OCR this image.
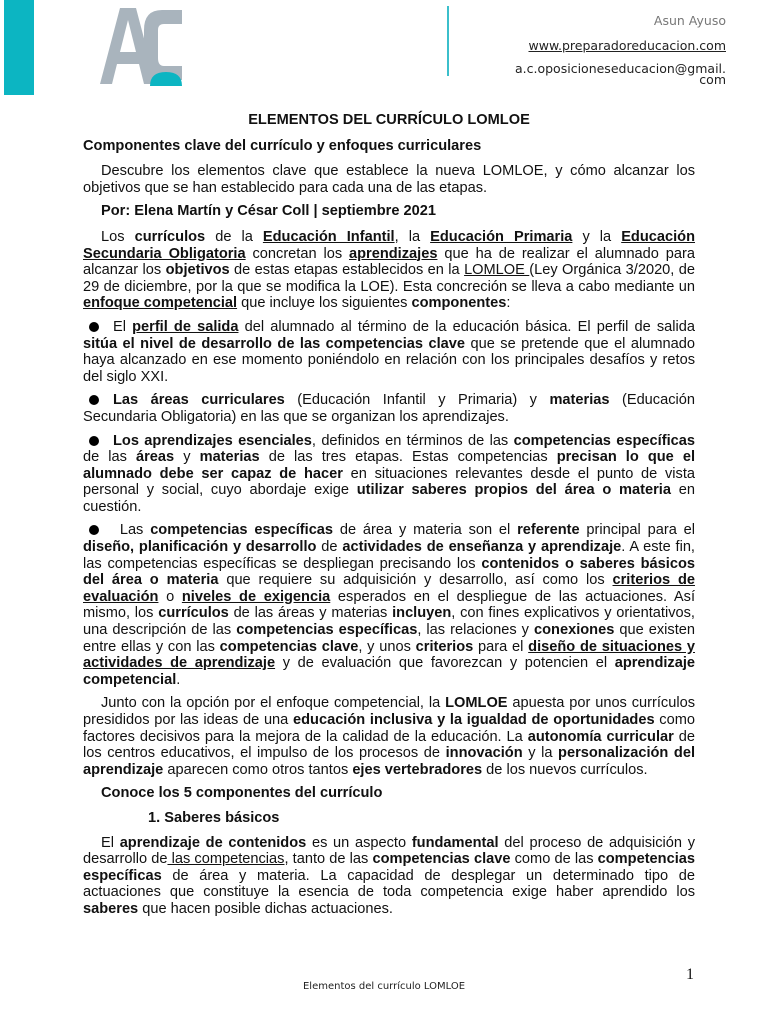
Asun Ayuso
www.preparadoreducacion.com
a.c.oposicioneseducacion@gmail.
com

ELEMENTOS DEL CURRÍCULO LOMLOE

Componentes clave del currículo y enfoques curriculares

Descubre los elementos clave que establece la nueva LOMLOE, y cómo alcanzar los objetivos que se han establecido para cada una de las etapas.

Por: Elena Martín y César Coll | septiembre 2021

Los currículos de la Educación Infantil, la Educación Primaria y la Educación Secundaria Obligatoria concretan los aprendizajes que ha de realizar el alumnado para alcanzar los objetivos de estas etapas establecidos en la LOMLOE (Ley Orgánica 3/2020, de 29 de diciembre, por la que se modifica la LOE). Esta concreción se lleva a cabo mediante un enfoque competencial que incluye los siguientes componentes:

El perfil de salida del alumnado al término de la educación básica. El perfil de salida sitúa el nivel de desarrollo de las competencias clave que se pretende que el alumnado haya alcanzado en ese momento poniéndolo en relación con los principales desafíos y retos del siglo XXI.

Las áreas curriculares (Educación Infantil y Primaria) y materias (Educación Secundaria Obligatoria) en las que se organizan los aprendizajes.

Los aprendizajes esenciales, definidos en términos de las competencias específicas de las áreas y materias de las tres etapas. Estas competencias precisan lo que el alumnado debe ser capaz de hacer en situaciones relevantes desde el punto de vista personal y social, cuyo abordaje exige utilizar saberes propios del área o materia en cuestión.

Las competencias específicas de área y materia son el referente principal para el diseño, planificación y desarrollo de actividades de enseñanza y aprendizaje. A este fin, las competencias específicas se despliegan precisando los contenidos o saberes básicos del área o materia que requiere su adquisición y desarrollo, así como los criterios de evaluación o niveles de exigencia esperados en el despliegue de las actuaciones. Así mismo, los currículos de las áreas y materias incluyen, con fines explicativos y orientativos, una descripción de las competencias específicas, las relaciones y conexiones que existen entre ellas y con las competencias clave, y unos criterios para el diseño de situaciones y actividades de aprendizaje y de evaluación que favorezcan y potencien el aprendizaje competencial.

Junto con la opción por el enfoque competencial, la LOMLOE apuesta por unos currículos presididos por las ideas de una educación inclusiva y la igualdad de oportunidades como factores decisivos para la mejora de la calidad de la educación. La autonomía curricular de los centros educativos, el impulso de los procesos de innovación y la personalización del aprendizaje aparecen como otros tantos ejes vertebradores de los nuevos currículos.

Conoce los 5 componentes del currículo

1. Saberes básicos

El aprendizaje de contenidos es un aspecto fundamental del proceso de adquisición y desarrollo de las competencias, tanto de las competencias clave como de las competencias específicas de área y materia. La capacidad de desplegar un determinado tipo de actuaciones que constituye la esencia de toda competencia exige haber aprendido los saberes que hacen posible dichas actuaciones.

1
Elementos del currículo LOMLOE
